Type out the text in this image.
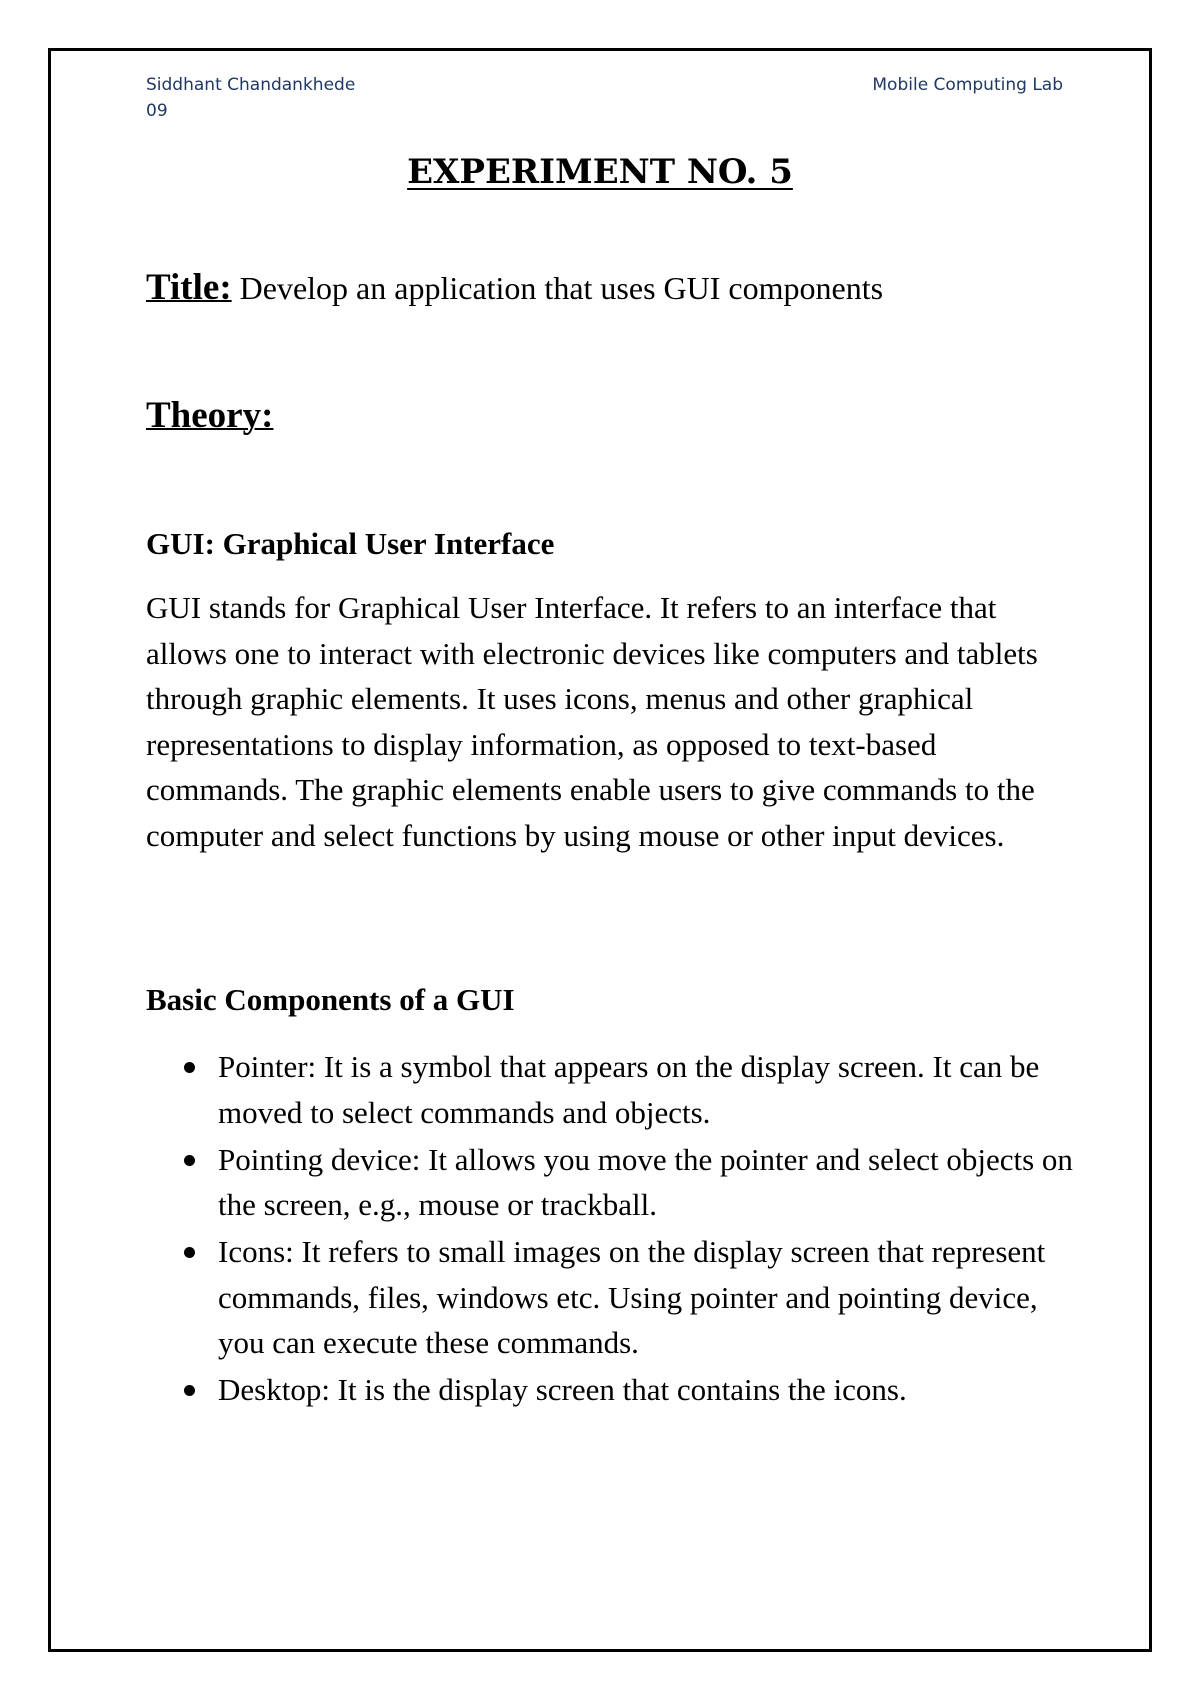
Siddhant Chandankhede
09
Mobile Computing Lab
EXPERIMENT NO. 5
Title: Develop an application that uses GUI components
Theory:
GUI: Graphical User Interface
GUI stands for Graphical User Interface. It refers to an interface that allows one to interact with electronic devices like computers and tablets through graphic elements. It uses icons, menus and other graphical representations to display information, as opposed to text-based commands. The graphic elements enable users to give commands to the computer and select functions by using mouse or other input devices.
Basic Components of a GUI
Pointer: It is a symbol that appears on the display screen. It can be moved to select commands and objects.
Pointing device: It allows you move the pointer and select objects on the screen, e.g., mouse or trackball.
Icons: It refers to small images on the display screen that represent commands, files, windows etc. Using pointer and pointing device, you can execute these commands.
Desktop: It is the display screen that contains the icons.
